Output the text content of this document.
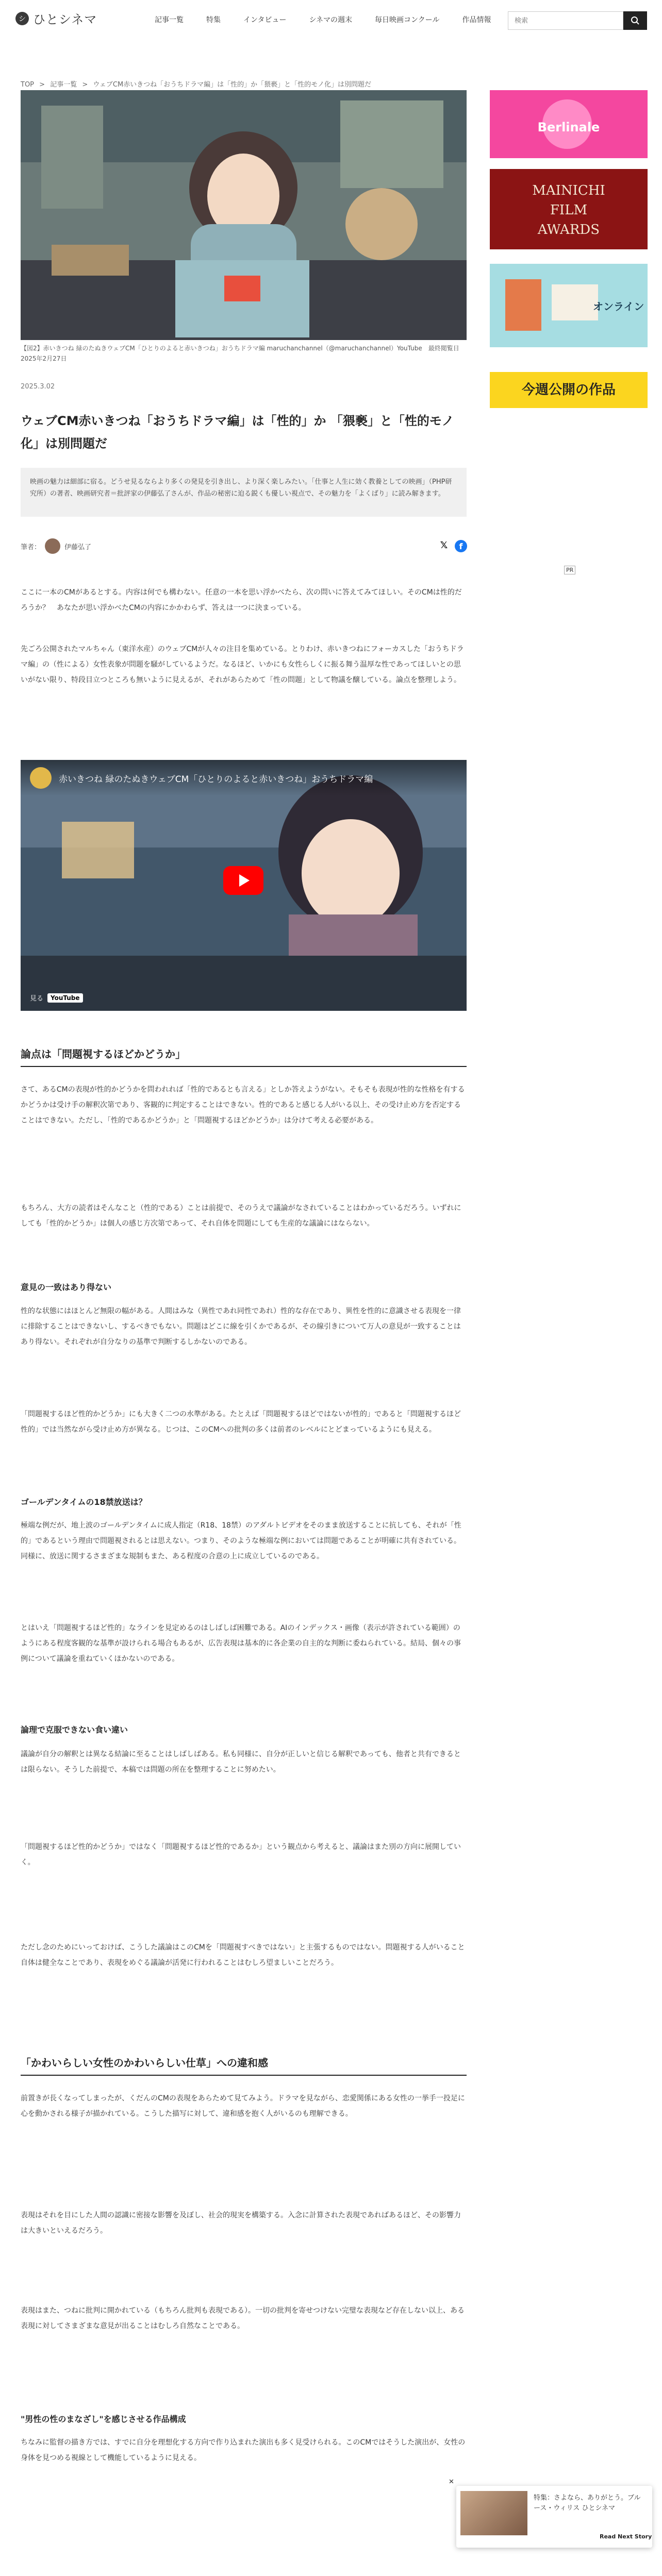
シ ひとシネマ	記事一覧	特集	インタビュー	シネマの週末	毎日映画コンクール	作品情報
検索
TOP > 記事一覧 > ウェブCM赤いきつね「おうちドラマ編」は「性的」か「猥褻」と「性的モノ化」は別問題だ
【図2】赤いきつね 緑のたぬきウェブCM「ひとりのよると赤いきつね」おうちドラマ編 maruchanchannel（@maruchanchannel）YouTube　最終閲覧日2025年2月27日
2025.3.02
ウェブCM赤いきつね「おうちドラマ編」は「性的」か 「猥褻」と「性的モノ化」は別問題だ
映画の魅力は細部に宿る。どうせ見るならより多くの発見を引き出し、より深く楽しみたい。「仕事と人生に効く教養としての映画」（PHP研究所）の著者、映画研究者＝批評家の伊藤弘了さんが、作品の秘密に迫る鋭くも優しい視点で、その魅力を「よくばり」に読み解きます。
筆者：	伊藤弘了	𝕏	f

ここに一本のCMがあるとする。内容は何でも構わない。任意の一本を思い浮かべたら、次の問いに答えてみてほしい。そのCMは性的だろうか？　あなたが思い浮かべたCMの内容にかかわらず、答えは一つに決まっている。

先ごろ公開されたマルちゃん（東洋水産）のウェブCMが人々の注目を集めている。とりわけ、赤いきつねにフォーカスした「おうちドラマ編」の（性による）女性表象が問題を騒がしているようだ。なるほど、いかにも女性らしくに振る舞う温厚な性であってほしいとの思いがない限り、特段目立つところも無いように見えるが、それがあらためて「性の問題」として物議を醸している。論点を整理しよう。

赤いきつね 緑のたぬきウェブCM「ひとりのよると赤いきつね」おうちドラマ編
見る	YouTube
論点は「問題視するほどかどうか」

さて、あるCMの表現が性的かどうかを問われれば「性的であるとも言える」としか答えようがない。そもそも表現が性的な性格を有するかどうかは受け手の解釈次第であり、客観的に判定することはできない。性的であると感じる人がいる以上、その受け止め方を否定することはできない。ただし、「性的であるかどうか」と「問題視するほどかどうか」は分けて考える必要がある。

もちろん、大方の読者はそんなこと（性的である）ことは前提で、そのうえで議論がなされていることはわかっているだろう。いずれにしても「性的かどうか」は個人の感じ方次第であって、それ自体を問題にしても生産的な議論にはならない。

意見の一致はあり得ない

性的な状態にはほとんど無限の幅がある。人間はみな（異性であれ同性であれ）性的な存在であり、異性を性的に意識させる表現を一律に排除することはできないし、するべきでもない。問題はどこに線を引くかであるが、その線引きについて万人の意見が一致することはあり得ない。それぞれが自分なりの基準で判断するしかないのである。

「問題視するほど性的かどうか」にも大きく二つの水準がある。たとえば「問題視するほどではないが性的」であると「問題視するほど性的」では当然ながら受け止め方が異なる。じつは、このCMへの批判の多くは前者のレベルにとどまっているようにも見える。

ゴールデンタイムの18禁放送は？

極端な例だが、地上波のゴールデンタイムに成人指定（R18、18禁）のアダルトビデオをそのまま放送することに抗しても、それが「性的」であるという理由で問題視されるとは思えない。つまり、そのような極端な例においては問題であることが明確に共有されている。同様に、放送に関するさまざまな規制もまた、ある程度の合意の上に成立しているのである。

とはいえ「問題視するほど性的」なラインを見定めるのはしばしば困難である。AIのインデックス・画像（表示が許されている範囲）のようにある程度客観的な基準が設けられる場合もあるが、広告表現は基本的に各企業の自主的な判断に委ねられている。結局、個々の事例について議論を重ねていくほかないのである。

論理で克服できない食い違い

議論が自分の解釈とは異なる結論に至ることはしばしばある。私も同様に、自分が正しいと信じる解釈であっても、他者と共有できるとは限らない。そうした前提で、本稿では問題の所在を整理することに努めたい。

「問題視するほど性的かどうか」ではなく「問題視するほど性的であるか」という観点から考えると、議論はまた別の方向に展開していく。

ただし念のためにいっておけば、こうした議論はこのCMを「問題視すべきではない」と主張するものではない。問題視する人がいること自体は健全なことであり、表現をめぐる議論が活発に行われることはむしろ望ましいことだろう。

「かわいらしい女性のかわいらしい仕草」への違和感

前置きが長くなってしまったが、くだんのCMの表現をあらためて見てみよう。ドラマを見ながら、恋愛関係にある女性の一挙手一投足に心を動かされる様子が描かれている。こうした描写に対して、違和感を抱く人がいるのも理解できる。

表現はそれを目にした人間の認識に密接な影響を及ぼし、社会的現実を構築する。入念に計算された表現であればあるほど、その影響力は大きいといえるだろう。

表現はまた、つねに批判に開かれている（もちろん批判も表現である）。一切の批判を寄せつけない完璧な表現など存在しない以上、ある表現に対してさまざまな意見が出ることはむしろ自然なことである。

"男性の性のまなざし"を感じさせる作品構成

ちなみに監督の描き方では、すでに自分を理想化する方向で作り込まれた演出も多く見受けられる。このCMではそうした演出が、女性の身体を見つめる視線として機能しているように見える。

Berlinale
MAINICHI
FILM
AWARDS
オンライン
今週公開の作品
PR
✕
特集：さよなら、ありがとう。ブルース・ウィリス ひとシネマ
Read Next Story
